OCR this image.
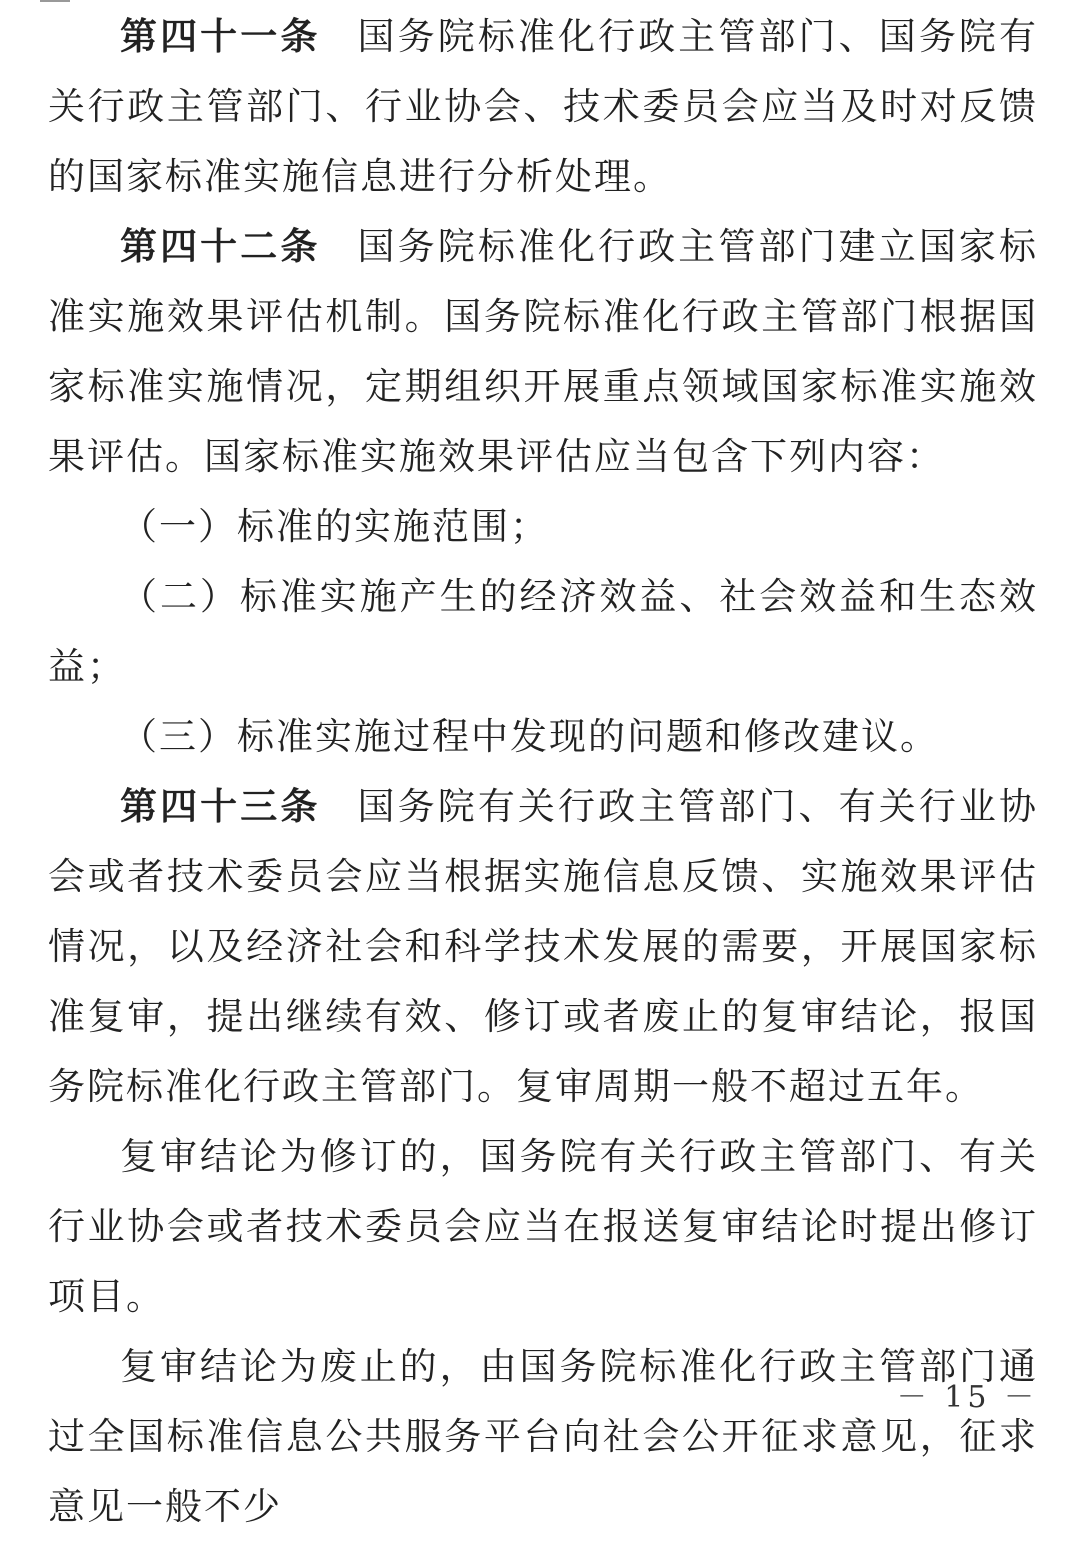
第四十一条 国务院标准化行政主管部门、国务院有关行政主管部门、行业协会、技术委员会应当及时对反馈的国家标准实施信息进行分析处理。

第四十二条 国务院标准化行政主管部门建立国家标准实施效果评估机制。国务院标准化行政主管部门根据国家标准实施情况，定期组织开展重点领域国家标准实施效果评估。国家标准实施效果评估应当包含下列内容：

（一）标准的实施范围；

（二）标准实施产生的经济效益、社会效益和生态效益；

（三）标准实施过程中发现的问题和修改建议。

第四十三条 国务院有关行政主管部门、有关行业协会或者技术委员会应当根据实施信息反馈、实施效果评估情况，以及经济社会和科学技术发展的需要，开展国家标准复审，提出继续有效、修订或者废止的复审结论，报国务院标准化行政主管部门。复审周期一般不超过五年。

复审结论为修订的，国务院有关行政主管部门、有关行业协会或者技术委员会应当在报送复审结论时提出修订项目。

复审结论为废止的，由国务院标准化行政主管部门通过全国标准信息公共服务平台向社会公开征求意见，征求意见一般不少

－ 15 －
